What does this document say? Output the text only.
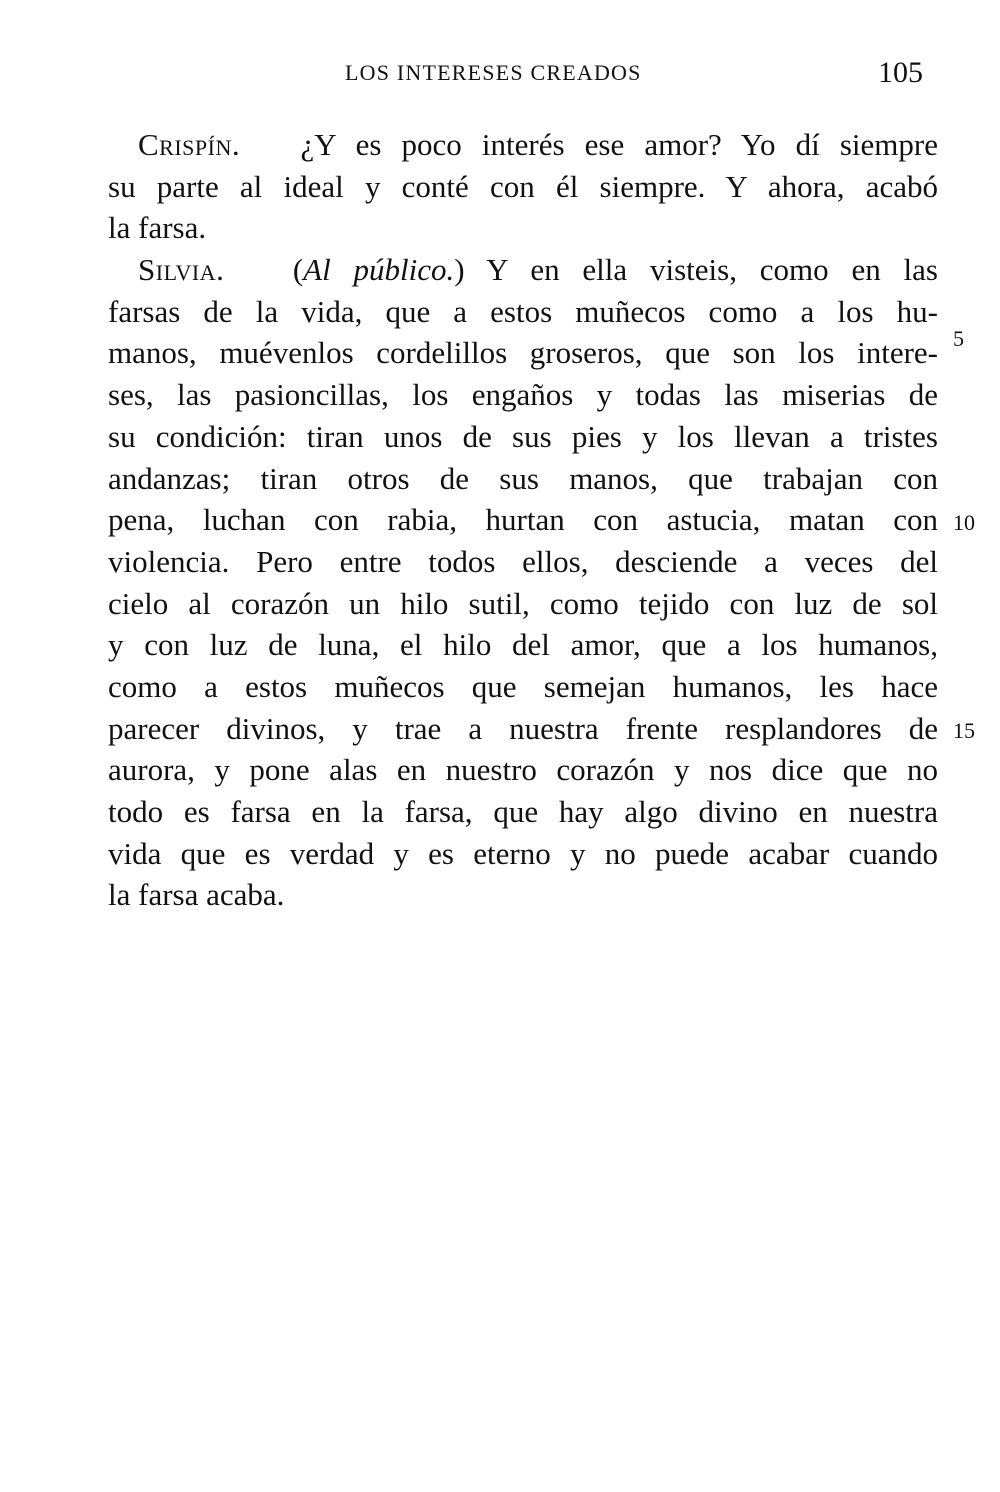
LOS INTERESES CREADOS	105
Crispín. ¿Y es poco interés ese amor? Yo dí siempre
su parte al ideal y conté con él siempre. Y ahora, acabó
la farsa.
Silvia. (Al público.) Y en ella visteis, como en las
farsas de la vida, que a estos muñecos como a los hu-
manos, muévenlos cordelillos groseros, que son los intere-
ses, las pasioncillas, los engaños y todas las miserias de
su condición: tiran unos de sus pies y los llevan a tristes
andanzas; tiran otros de sus manos, que trabajan con
pena, luchan con rabia, hurtan con astucia, matan con
violencia. Pero entre todos ellos, desciende a veces del
cielo al corazón un hilo sutil, como tejido con luz de sol
y con luz de luna, el hilo del amor, que a los humanos,
como a estos muñecos que semejan humanos, les hace
parecer divinos, y trae a nuestra frente resplandores de
aurora, y pone alas en nuestro corazón y nos dice que no
todo es farsa en la farsa, que hay algo divino en nuestra
vida que es verdad y es eterno y no puede acabar cuando
la farsa acaba.
5
10
15
